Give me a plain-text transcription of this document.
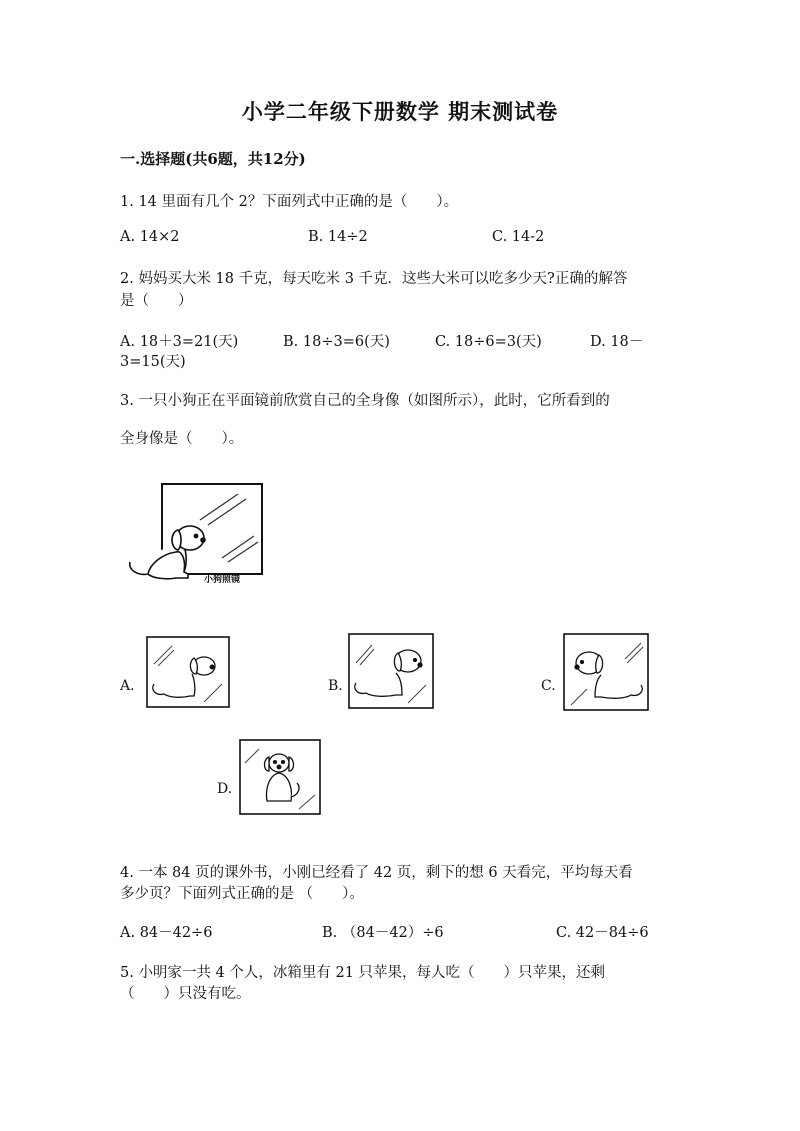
小学二年级下册数学 期末测试卷
一.选择题(共6题，共12分)
1. 14 里面有几个 2？下面列式中正确的是（　　）。
A. 14×2	B. 14÷2	C. 14-2
2. 妈妈买大米 18 千克，每天吃米 3 千克．这些大米可以吃多少天?正确的解答
是（　　）
A. 18＋3=21(天)	B. 18÷3=6(天)	C. 18÷6=3(天)	D. 18－
3=15(天)
3. 一只小狗正在平面镜前欣赏自己的全身像（如图所示），此时，它所看到的
全身像是（　　）。
小狗照镜
A.	B.	C.
D.
4. 一本 84 页的课外书，小刚已经看了 42 页，剩下的想 6 天看完，平均每天看
多少页？下面列式正确的是 （　　）。
A. 84－42÷6	B. （84－42）÷6	C. 42－84÷6
5. 小明家一共 4 个人，冰箱里有 21 只苹果，每人吃（　　）只苹果，还剩
（　　）只没有吃。
